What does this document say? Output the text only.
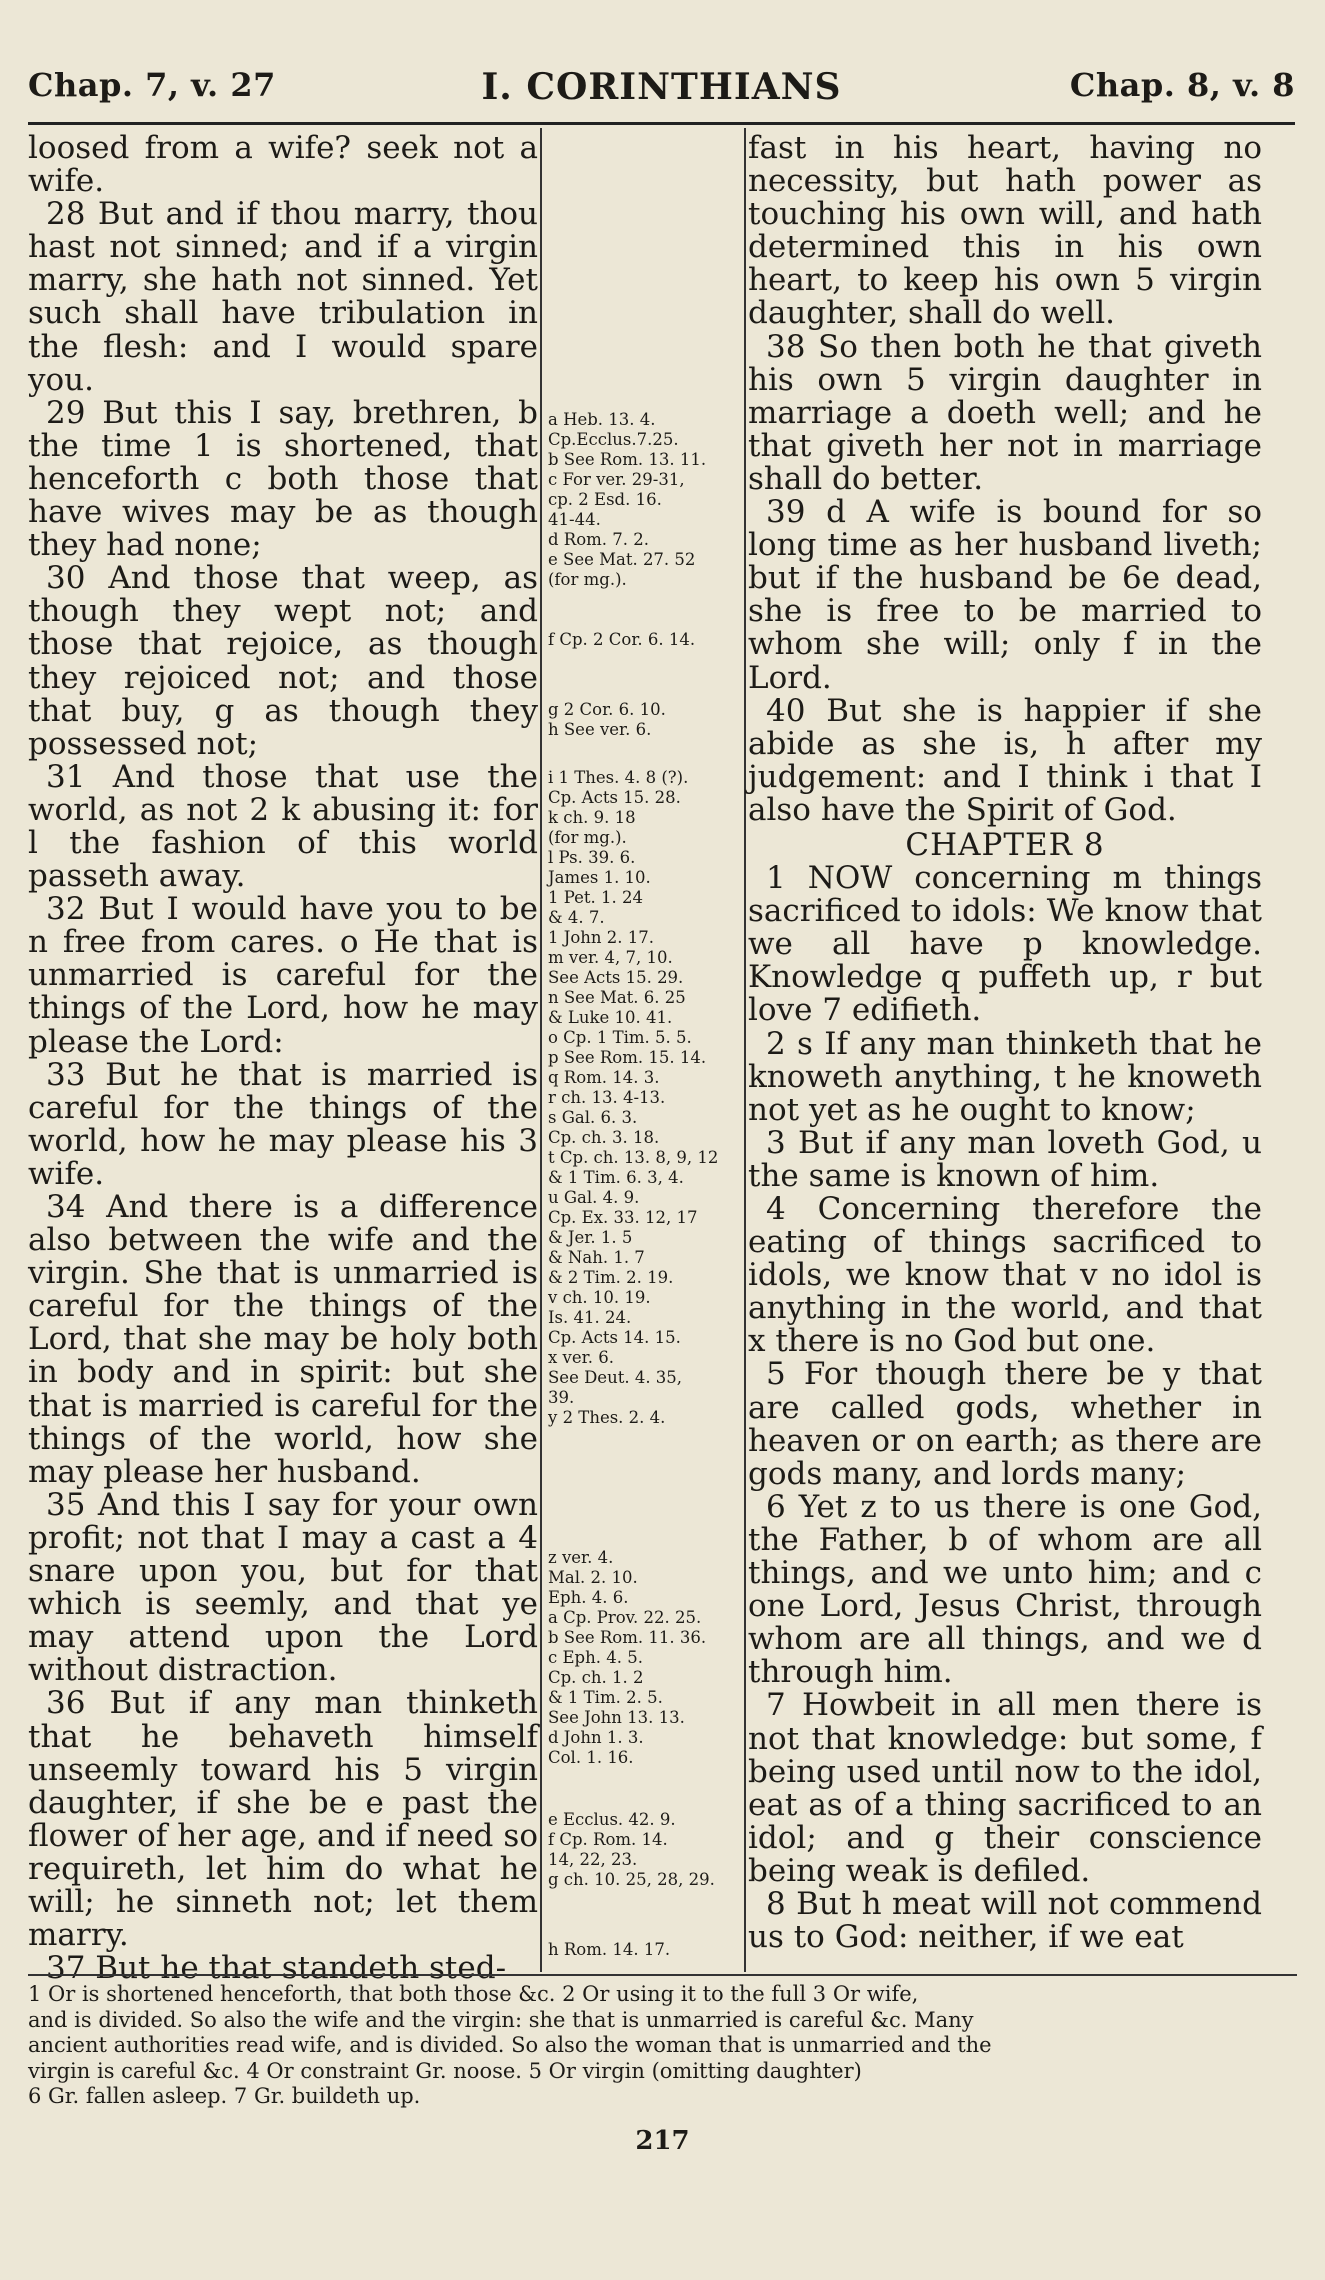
Chap. 7, v. 27	I. CORINTHIANS	Chap. 8, v. 8

loosed from a wife? seek not a wife.

28 But and if thou marry, thou hast not sinned; and if a virgin marry, she hath not sinned. Yet such shall have tribulation in the flesh: and I would spare you.

29 But this I say, brethren, b the time 1 is shortened, that henceforth c both those that have wives may be as though they had none;

30 And those that weep, as though they wept not; and those that rejoice, as though they rejoiced not; and those that buy, g as though they possessed not;

31 And those that use the world, as not 2 k abusing it: for l the fashion of this world passeth away.

32 But I would have you to be n free from cares. o He that is unmarried is careful for the things of the Lord, how he may please the Lord:

33 But he that is married is careful for the things of the world, how he may please his 3 wife.

34 And there is a difference also between the wife and the virgin. She that is unmarried is careful for the things of the Lord, that she may be holy both in body and in spirit: but she that is married is careful for the things of the world, how she may please her husband.

35 And this I say for your own profit; not that I may a cast a 4 snare upon you, but for that which is seemly, and that ye may attend upon the Lord without distraction.

36 But if any man thinketh that he behaveth himself unseemly toward his 5 virgin daughter, if she be e past the flower of her age, and if need so requireth, let him do what he will; he sinneth not; let them marry.

37 But he that standeth sted-

a Heb. 13. 4.
Cp.Ecclus.7.25.
b See Rom. 13. 11.
c For ver. 29-31,
cp. 2 Esd. 16.
41-44.
d Rom. 7. 2.
e See Mat. 27. 52
(for mg.).
f Cp. 2 Cor. 6. 14.
g 2 Cor. 6. 10.
h See ver. 6.
i 1 Thes. 4. 8 (?).
Cp. Acts 15. 28.
k ch. 9. 18
(for mg.).
l Ps. 39. 6.
James 1. 10.
1 Pet. 1. 24
& 4. 7.
1 John 2. 17.
m ver. 4, 7, 10.
See Acts 15. 29.
n See Mat. 6. 25
& Luke 10. 41.
o Cp. 1 Tim. 5. 5.
p See Rom. 15. 14.
q Rom. 14. 3.
r ch. 13. 4-13.
s Gal. 6. 3.
Cp. ch. 3. 18.
t Cp. ch. 13. 8, 9, 12
& 1 Tim. 6. 3, 4.
u Gal. 4. 9.
Cp. Ex. 33. 12, 17
& Jer. 1. 5
& Nah. 1. 7
& 2 Tim. 2. 19.
v ch. 10. 19.
Is. 41. 24.
Cp. Acts 14. 15.
x ver. 6.
See Deut. 4. 35,
39.
y 2 Thes. 2. 4.
z ver. 4.
Mal. 2. 10.
Eph. 4. 6.
a Cp. Prov. 22. 25.
b See Rom. 11. 36.
c Eph. 4. 5.
Cp. ch. 1. 2
& 1 Tim. 2. 5.
See John 13. 13.
d John 1. 3.
Col. 1. 16.
e Ecclus. 42. 9.
f Cp. Rom. 14.
14, 22, 23.
g ch. 10. 25, 28, 29.
h Rom. 14. 17.

fast in his heart, having no necessity, but hath power as touching his own will, and hath determined this in his own heart, to keep his own 5 virgin daughter, shall do well.

38 So then both he that giveth his own 5 virgin daughter in marriage a doeth well; and he that giveth her not in marriage shall do better.

39 d A wife is bound for so long time as her husband liveth; but if the husband be 6e dead, she is free to be married to whom she will; only f in the Lord.

40 But she is happier if she abide as she is, h after my judgement: and I think i that I also have the Spirit of God.

CHAPTER 8

1 NOW concerning m things sacrificed to idols: We know that we all have p knowledge. Knowledge q puffeth up, r but love 7 edifieth.

2 s If any man thinketh that he knoweth anything, t he knoweth not yet as he ought to know;

3 But if any man loveth God, u the same is known of him.

4 Concerning therefore the eating of things sacrificed to idols, we know that v no idol is anything in the world, and that x there is no God but one.

5 For though there be y that are called gods, whether in heaven or on earth; as there are gods many, and lords many;

6 Yet z to us there is one God, the Father, b of whom are all things, and we unto him; and c one Lord, Jesus Christ, through whom are all things, and we d through him.

7 Howbeit in all men there is not that knowledge: but some, f being used until now to the idol, eat as of a thing sacrificed to an idol; and g their conscience being weak is defiled.

8 But h meat will not commend us to God: neither, if we eat

1 Or is shortened henceforth, that both those &c. 2 Or using it to the full 3 Or wife,
and is divided. So also the wife and the virgin: she that is unmarried is careful &c. Many
ancient authorities read wife, and is divided. So also the woman that is unmarried and the
virgin is careful &c. 4 Or constraint Gr. noose. 5 Or virgin (omitting daughter)
6 Gr. fallen asleep. 7 Gr. buildeth up.
217
